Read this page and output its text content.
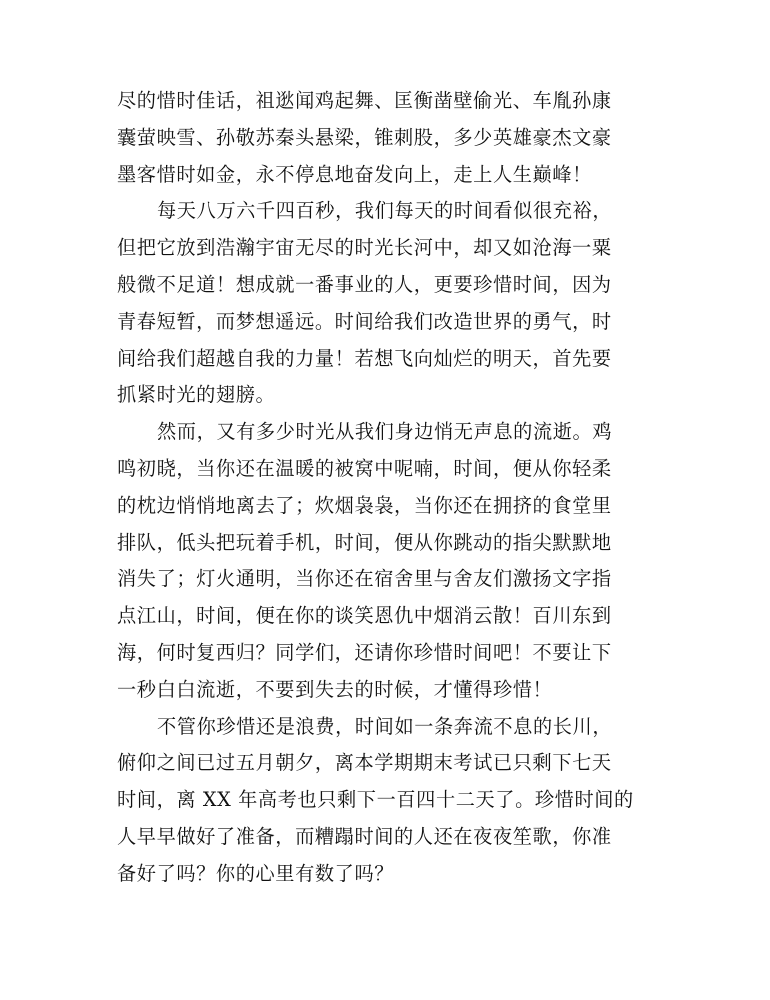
尽的惜时佳话，祖逖闻鸡起舞、匡衡凿壁偷光、车胤孙康
囊萤映雪、孙敬苏秦头悬梁，锥刺股，多少英雄豪杰文豪
墨客惜时如金，永不停息地奋发向上，走上人生巅峰！
每天八万六千四百秒，我们每天的时间看似很充裕，
但把它放到浩瀚宇宙无尽的时光长河中，却又如沧海一粟
般微不足道！想成就一番事业的人，更要珍惜时间，因为
青春短暂，而梦想遥远。时间给我们改造世界的勇气，时
间给我们超越自我的力量！若想飞向灿烂的明天，首先要
抓紧时光的翅膀。
然而，又有多少时光从我们身边悄无声息的流逝。鸡
鸣初晓，当你还在温暖的被窝中呢喃，时间，便从你轻柔
的枕边悄悄地离去了；炊烟袅袅，当你还在拥挤的食堂里
排队，低头把玩着手机，时间，便从你跳动的指尖默默地
消失了；灯火通明，当你还在宿舍里与舍友们激扬文字指
点江山，时间，便在你的谈笑恩仇中烟消云散！百川东到
海，何时复西归？同学们，还请你珍惜时间吧！不要让下
一秒白白流逝，不要到失去的时候，才懂得珍惜！
不管你珍惜还是浪费，时间如一条奔流不息的长川，
俯仰之间已过五月朝夕，离本学期期末考试已只剩下七天
时间，离 XX 年高考也只剩下一百四十二天了。珍惜时间的
人早早做好了准备，而糟蹋时间的人还在夜夜笙歌，你准
备好了吗？你的心里有数了吗？
